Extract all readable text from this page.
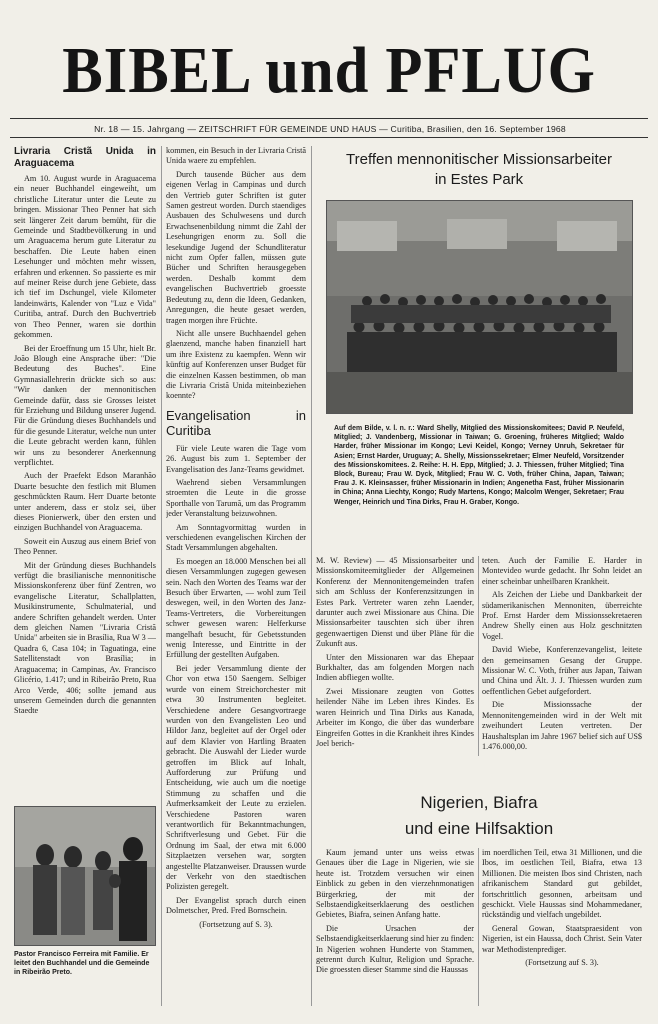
BIBEL und PFLUG
Nr. 18 — 15. Jahrgang — ZEITSCHRIFT FÜR GEMEINDE UND HAUS — Curitiba, Brasilien, den 16. September 1968
Livraria Cristã Unida in Araguacema

Am 10. August wurde in Araguacema ein neuer Buchhandel eingeweiht, um christliche Literatur unter die Leute zu bringen. Missionar Theo Penner hat sich seit längerer Zeit darum bemüht, für die Gemeinde und Stadtbevölkerung in und um Araguacema herum gute Literatur zu beschaffen. Die Leute haben einen Lesehunger und möchten mehr wissen, erfahren und erkennen. So passierte es mir auf meiner Reise durch jene Gebiete, dass ich tief im Dschungel, viele Kilometer landeinwärts, Kalender von "Luz e Vida" Curitiba, antraf. Durch den Buchvertrieb von Theo Penner, waren sie dorthin gekommen.

Bei der Eroeffnung um 15 Uhr, hielt Br. João Blough eine Ansprache über: "Die Bedeutung des Buches". Eine Gymnasiallehrerin drückte sich so aus: "Wir danken der mennonitischen Gemeinde dafür, dass sie Grosses leistet für Erziehung und Bildung unserer Jugend. Für die Gründung dieses Buchhandels und für die gesunde Literatur, welche nun unter die Leute gebracht werden kann, fühlen wir uns zu besonderer Anerkennung verpflichtet.

Auch der Praefekt Edson Maranhão Duarte besuchte den festlich mit Blumen geschmückten Raum. Herr Duarte betonte unter anderem, dass er stolz sei, über dieses Pionierwerk, über den ersten und einzigen Buchhandel von Araguacema.

Soweit ein Auszug aus einem Brief von Theo Penner.

Mit der Gründung dieses Buchhandels verfügt die brasilianische mennonitische Missionskonferenz über fünf Zentren, wo evangelische Literatur, Schallplatten, Musikinstrumente, Schulmaterial, und andere Schriften gehandelt werden. Unter dem gleichen Namen "Livraria Cristã Unida" arbeiten sie in Brasília, Rua W 3 — Quadra 6, Casa 104; in Taguatinga, eine Satellitenstadt von Brasília; in Araguacema; in Campinas, Av. Francisco Glicério, 1.417; und in Ribeirão Preto, Rua Arco Verde, 406; sollte jemand aus unserem Gemeinden durch die genannten Staedte

Pastor Francisco Ferreira mit Familie. Er leitet den Buchhandel und die Gemeinde in Ribeirão Preto.

kommen, ein Besuch in der Livraria Cristã Unida waere zu empfehlen.

Durch tausende Bücher aus dem eigenen Verlag in Campinas und durch den Vertrieb guter Schriften ist guter Samen gestreut worden. Durch staendiges Ausbauen des Schulwesens und durch Erwachsenenbildung nimmt die Zahl der Lesehungrigen enorm zu. Soll die lesekundige Jugend der Schundliteratur nicht zum Opfer fallen, müssen gute Bücher und Schriften herausgegeben werden. Deshalb kommt dem evangelischen Buchvertrieb groesste Bedeutung zu, denn die Ideen, Gedanken, Anregungen, die heute gesaet werden, tragen morgen ihre Früchte.

Nicht alle unsere Buchhaendel gehen glaenzend, manche haben finanziell hart um ihre Existenz zu kaempfen. Wenn wir künftig auf Konferenzen unser Budget für die einzelnen Kassen bestimmen, ob man die Livraria Cristã Unida miteinbeziehen koennte?

Evangelisation in Curitiba

Für viele Leute waren die Tage vom 26. August bis zum 1. September der Evangelisation des Janz-Teams gewidmet.

Waehrend sieben Versammlungen stroemten die Leute in die grosse Sporthalle von Tarumã, um das Programm jeder Veranstaltung beizuwohnen.

Am Sonntagvormittag wurden in verschiedenen evangelischen Kirchen der Stadt Versammlungen abgehalten.

Es moegen an 18.000 Menschen bei all diesen Versammlungen zugegen gewesen sein. Nach den Worten des Teams war der Besuch über Erwarten, — wohl zum Teil deswegen, weil, in den Worten des Janz-Teams-Vertreters, die Vorbereitungen schwer gewesen waren: Helferkurse mangelhaft besucht, für Gebetsstunden wenig Interesse, und Eintritte in der Erfüllung der gestellten Aufgaben.

Bei jeder Versammlung diente der Chor von etwa 150 Saengern. Selbiger wurde von einem Streichorchester mit etwa 30 Instrumenten begleitet. Verschiedene andere Gesangvortraege wurden von den Evangelisten Leo und Hildor Janz, begleitet auf der Orgel oder auf dem Klavier von Hartling Braaten gebracht. Die Auswahl der Lieder wurde getroffen im Blick auf Inhalt, Aufforderung zur Prüfung und Entscheidung, wie auch um die noetige Stimmung zu schaffen und die Aufmerksamkeit der Leute zu erzielen. Verschiedene Pastoren waren verantwortlich für Bekanntmachungen, Schriftverlesung und Gebet. Für die Ordnung im Saal, der etwa mit 6.000 Sitzplaetzen versehen war, sorgten angestellte Platzanweiser. Draussen wurde der Verkehr von den staedtischen Polizisten geregelt.

Der Evangelist sprach durch einen Dolmetscher, Pred. Fred Bornschein.

(Fortsetzung auf S. 3).

Treffen mennonitischer Missionsarbeiter
in Estes Park
Auf dem Bilde, v. l. n. r.: Ward Shelly, Mitglied des Missionskomitees; David P. Neufeld, Mitglied; J. Vandenberg, Missionar in Taiwan; G. Groening, früheres Mitglied; Waldo Harder, früher Missionar im Kongo; Levi Keidel, Kongo; Verney Unruh, Sekretaer für Asien; Ernst Harder, Uruguay; A. Shelly, Missionssekretaer; Elmer Neufeld, Vorsitzender des Missionskomitees. 2. Reihe: H. H. Epp, Mitglied; J. J. Thiessen, früher Mitglied; Tina Block, Bureau; Frau W. Dyck, Mitglied; Frau W. C. Voth, früher China, Japan, Taiwan; Frau J. K. Kleinsasser, früher Missionarin in Indien; Angenetha Fast, früher Missionarin in China; Anna Liechty, Kongo; Rudy Martens, Kongo; Malcolm Wenger, Sekretaer; Frau Wenger, Heinrich und Tina Dirks, Frau H. Graber, Kongo.

M. W. Review) — 45 Missionsarbeiter und Missionskomiteemitglieder der Allgemeinen Konferenz der Mennonitengemeinden trafen sich am Schluss der Konferenzsitzungen in Estes Park. Vertreter waren zehn Laender, darunter auch zwei Missionare aus China. Die Missionsarbeiter tauschten sich über ihren gegenwaertigen Dienst und über Pläne für die Zukunft aus.

Unter den Missionaren war das Ehepaar Burkhalter, das am folgenden Morgen nach Indien abfliegen wollte.

Zwei Missionare zeugten von Gottes heilender Nähe im Leben ihres Kindes. Es waren Heinrich und Tina Dirks aus Kanada, Arbeiter im Kongo, die über das wunderbare Eingreifen Gottes in die Krankheit ihres Kindes Joel berich-

teten. Auch der Familie E. Harder in Montevideo wurde gedacht. Ihr Sohn leidet an einer scheinbar unheilbaren Krankheit.

Als Zeichen der Liebe und Dankbarkeit der südamerikanischen Mennoniten, überreichte Prof. Ernst Harder dem Missionssekretaeren Andrew Shelly einen aus Holz geschnitzten Vogel.

David Wiebe, Konferenzevangelist, leitete den gemeinsamen Gesang der Gruppe. Missionar W. C. Voth, früher aus Japan, Taiwan und China und Ält. J. J. Thiessen wurden zum oeffentlichen Gebet aufgefordert.

Die Missionssache der Mennonitengemeinden wird in der Welt mit zweihundert Leuten vertreten. Der Haushaltsplan im Jahre 1967 belief sich auf US$ 1.476.000,00.

Nigerien, Biafra
und eine Hilfsaktion

Kaum jemand unter uns weiss etwas Genaues über die Lage in Nigerien, wie sie heute ist. Trotzdem versuchen wir einen Einblick zu geben in den vierzehnmonatigen Bürgerkrieg, der mit der Selbstaendigkeitserklaerung des oestlichen Gebietes, Biafra, seinen Anfang hatte.

Die Ursachen der Selbstaendigkeitserklaerung sind hier zu finden: In Nigerien wohnen Hunderte von Stammen, getrennt durch Kultur, Religion und Sprache. Die groessten dieser Stamme sind die Haussas

im noerdlichen Teil, etwa 31 Millionen, und die Ibos, im oestlichen Teil, Biafra, etwa 13 Millionen. Die meisten Ibos sind Christen, nach afrikanischem Standard gut gebildet, fortschrittlich gesonnen, arbeitsam und geschickt. Viele Haussas sind Mohammedaner, rückständig und vielfach ungebildet.

General Gowan, Staatspraesident von Nigerien, ist ein Haussa, doch Christ. Sein Vater war Methodistenprediger.

(Fortsetzung auf S. 3).
